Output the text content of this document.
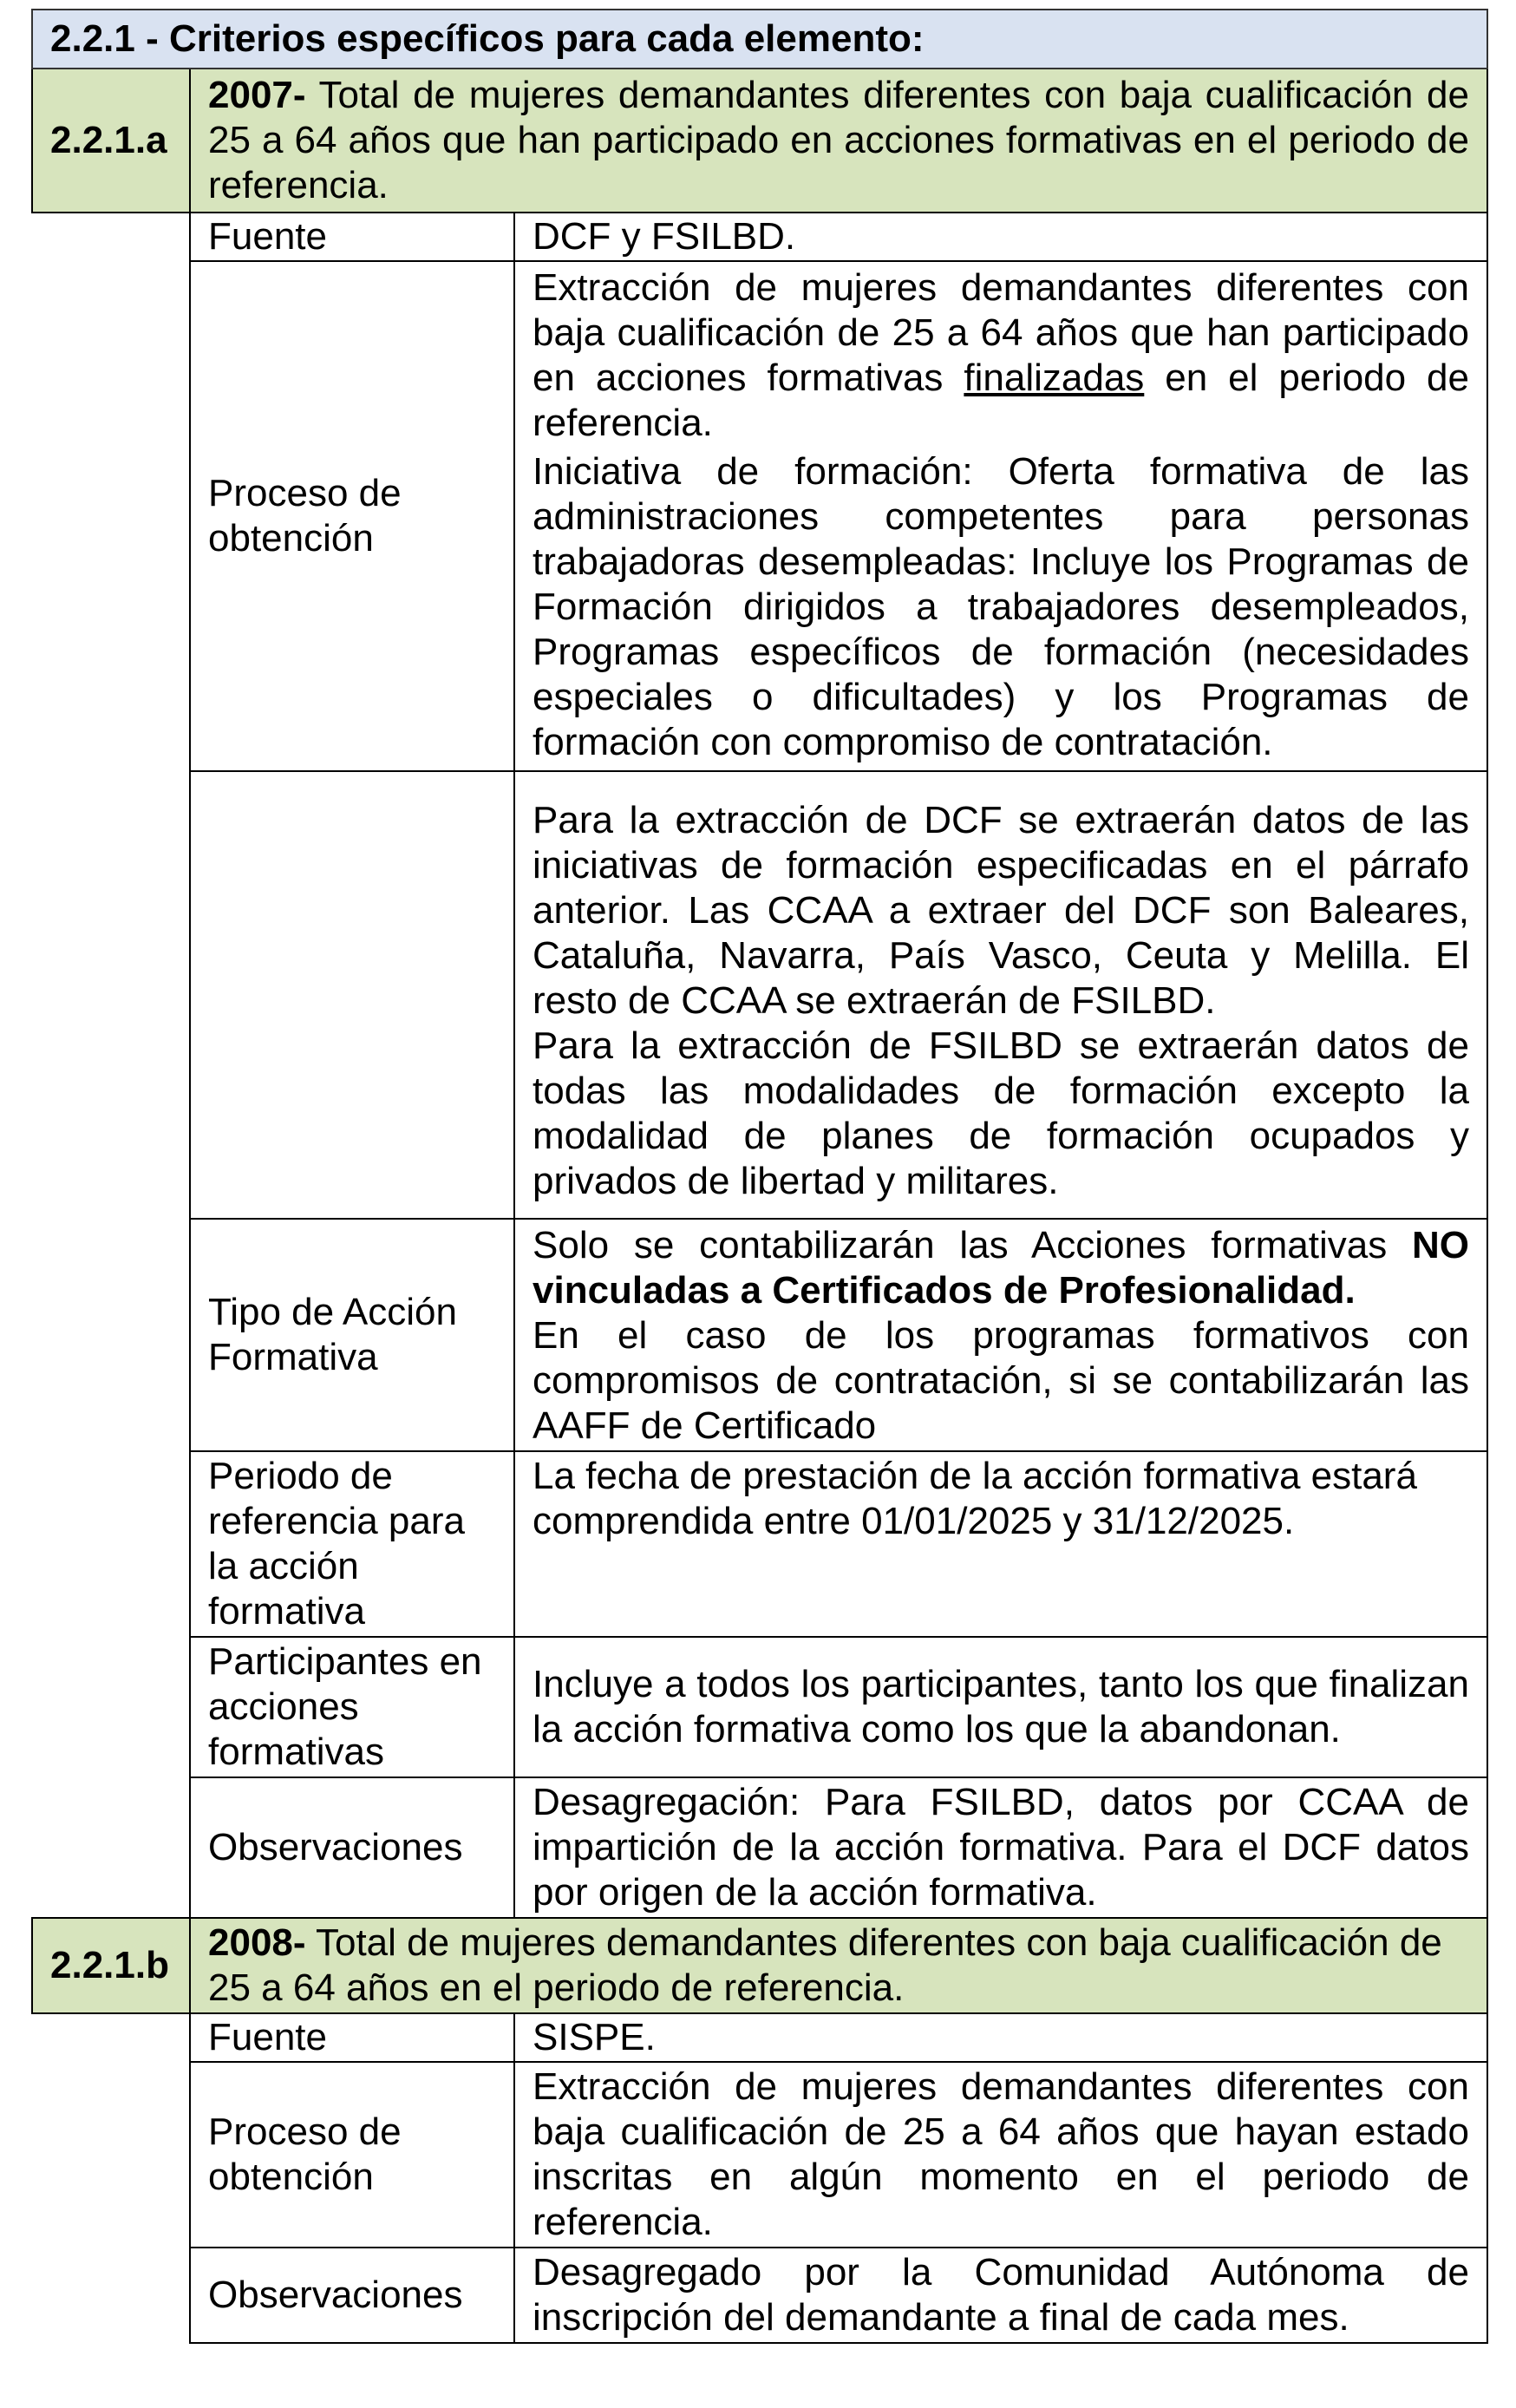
2.2.1 - Criterios específicos para cada elemento:		
2.2.1.a	2007- Total de mujeres demandantes diferentes con baja cualificación de 25 a 64 años que han participado en acciones formativas en el periodo de referencia.	
	Fuente	DCF y FSILBD.
	Proceso de obtención	Extracción de mujeres demandantes diferentes con baja cualificación de 25 a 64 años que han participado en acciones formativas finalizadas en el periodo de referencia.

Iniciativa de formación: Oferta formativa de las administraciones competentes para personas trabajadoras desempleadas: Incluye los Programas de Formación dirigidos a trabajadores desempleados, Programas específicos de formación (necesidades especiales o dificultades) y los Programas de formación con compromiso de contratación.

		Para la extracción de DCF se extraerán datos de las iniciativas de formación especificadas en el párrafo anterior. Las CCAA a extraer del DCF son Baleares, Cataluña, Navarra, País Vasco, Ceuta y Melilla. El resto de CCAA se extraerán de FSILBD.

Para la extracción de FSILBD se extraerán datos de todas las modalidades de formación excepto la modalidad de planes de formación ocupados y privados de libertad y militares.

	Tipo de Acción Formativa	Solo se contabilizarán las Acciones formativas NO vinculadas a Certificados de Profesionalidad.

En el caso de los programas formativos con compromisos de contratación, si se contabilizarán las AAFF de Certificado

	Periodo de referencia para la acción formativa	La fecha de prestación de la acción formativa estará comprendida entre 01/01/2025 y 31/12/2025.
	Participantes en acciones formativas	Incluye a todos los participantes, tanto los que finalizan la acción formativa como los que la abandonan.
	Observaciones	Desagregación: Para FSILBD, datos por CCAA de impartición de la acción formativa. Para el DCF datos por origen de la acción formativa.
2.2.1.b	2008- Total de mujeres demandantes diferentes con baja cualificación de 25 a 64 años en el periodo de referencia.	
	Fuente	SISPE.
	Proceso de obtención	Extracción de mujeres demandantes diferentes con baja cualificación de 25 a 64 años que hayan estado inscritas en algún momento en el periodo de referencia.
	Observaciones	Desagregado por la Comunidad Autónoma de inscripción del demandante a final de cada mes.
